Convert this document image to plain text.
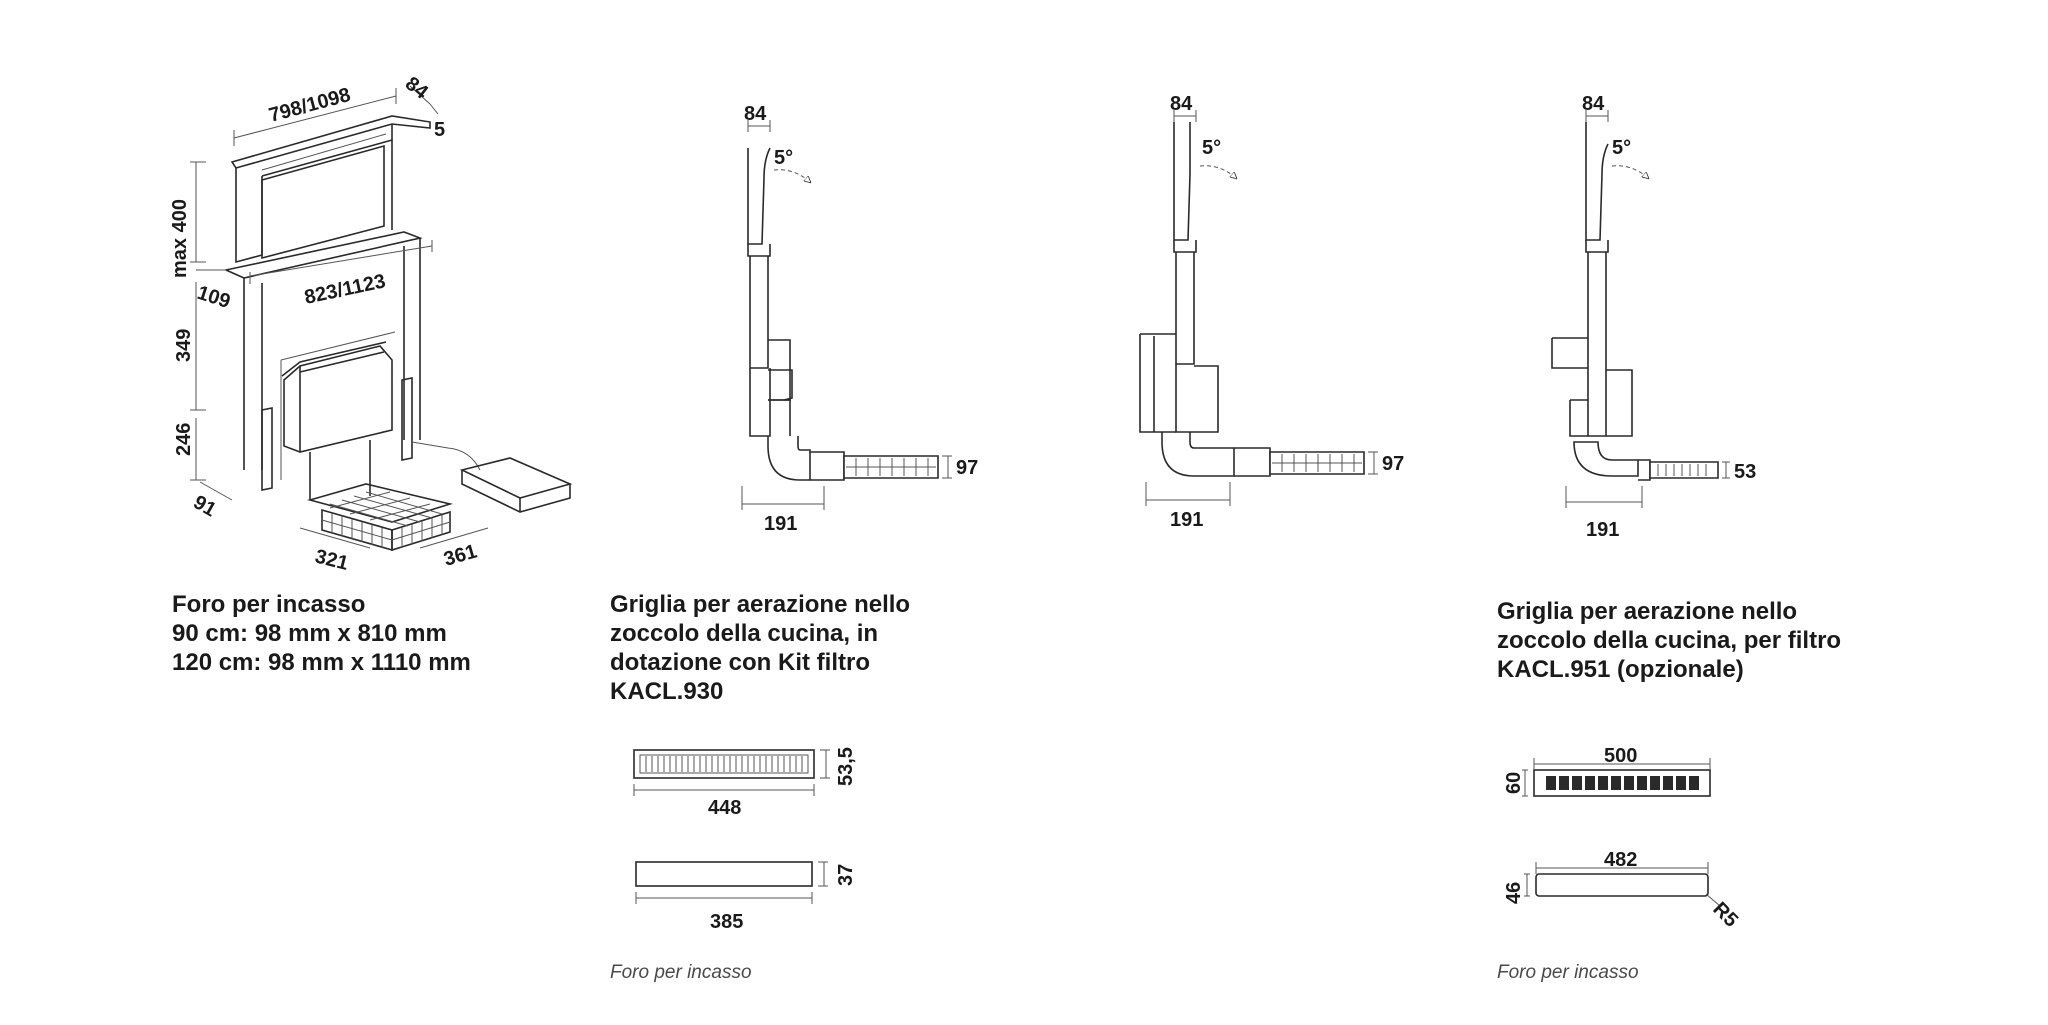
798/1098 84
5
max 400
109	823/1123
349
246
91
321	361
84
5°
97
191
84
5°
97
191
84
5°
53
191
448
53,5
385
37
500
60
482
46
R5
Foro per incasso
90 cm: 98 mm x 810 mm
120 cm: 98 mm x 1110 mm
Griglia per aerazione nello
zoccolo della cucina, in
dotazione con Kit filtro
KACL.930
Griglia per aerazione nello
zoccolo della cucina, per filtro
KACL.951 (opzionale)
Foro per incasso	Foro per incasso
